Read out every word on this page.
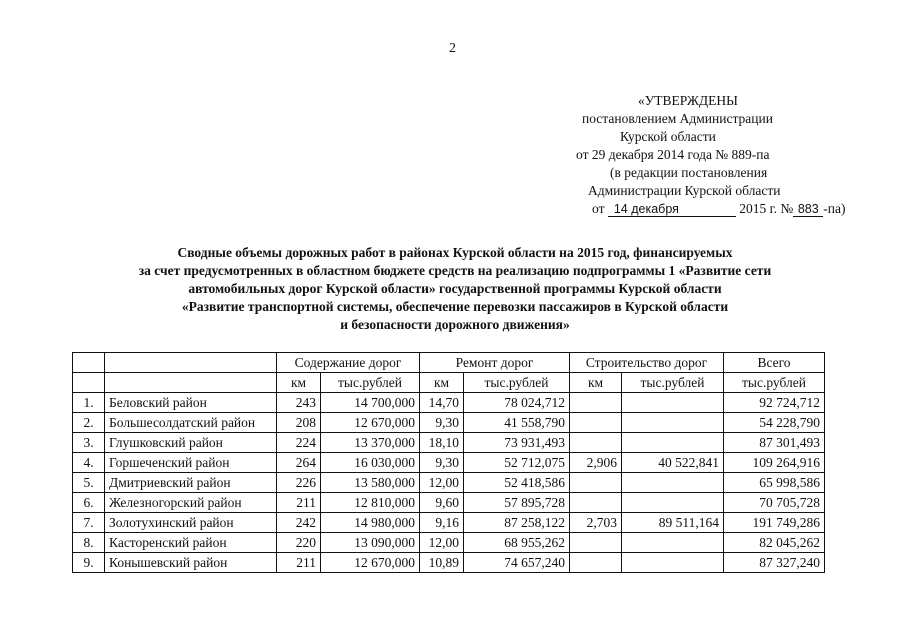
2
«УТВЕРЖДЕНЫ
постановлением Администрации
Курской области
от 29 декабря 2014 года № 889-па
(в редакции постановления
Администрации Курской области
от 14 декабря	2015 г. № 883 -па)
Сводные объемы дорожных работ в районах Курской области на 2015 год, финансируемых
за счет предусмотренных в областном бюджете средств на реализацию подпрограммы 1 «Развитие сети
автомобильных дорог Курской области» государственной программы Курской области
«Развитие транспортной системы, обеспечение перевозки пассажиров в Курской области
и безопасности дорожного движения»
		Содержание дорог		Ремонт дорог		Строительство дорог		Всего
		км	тыс.рублей	км	тыс.рублей	км	тыс.рублей	тыс.рублей
1.	Беловский район	243	14 700,000	14,70	78 024,712			92 724,712
2.	Большесолдатский район	208	12 670,000	9,30	41 558,790			54 228,790
3.	Глушковский район	224	13 370,000	18,10	73 931,493			87 301,493
4.	Горшеченский район	264	16 030,000	9,30	52 712,075	2,906	40 522,841	109 264,916
5.	Дмитриевский район	226	13 580,000	12,00	52 418,586			65 998,586
6.	Железногорский район	211	12 810,000	9,60	57 895,728			70 705,728
7.	Золотухинский район	242	14 980,000	9,16	87 258,122	2,703	89 511,164	191 749,286
8.	Касторенский район	220	13 090,000	12,00	68 955,262			82 045,262
9.	Конышевский район	211	12 670,000	10,89	74 657,240			87 327,240
